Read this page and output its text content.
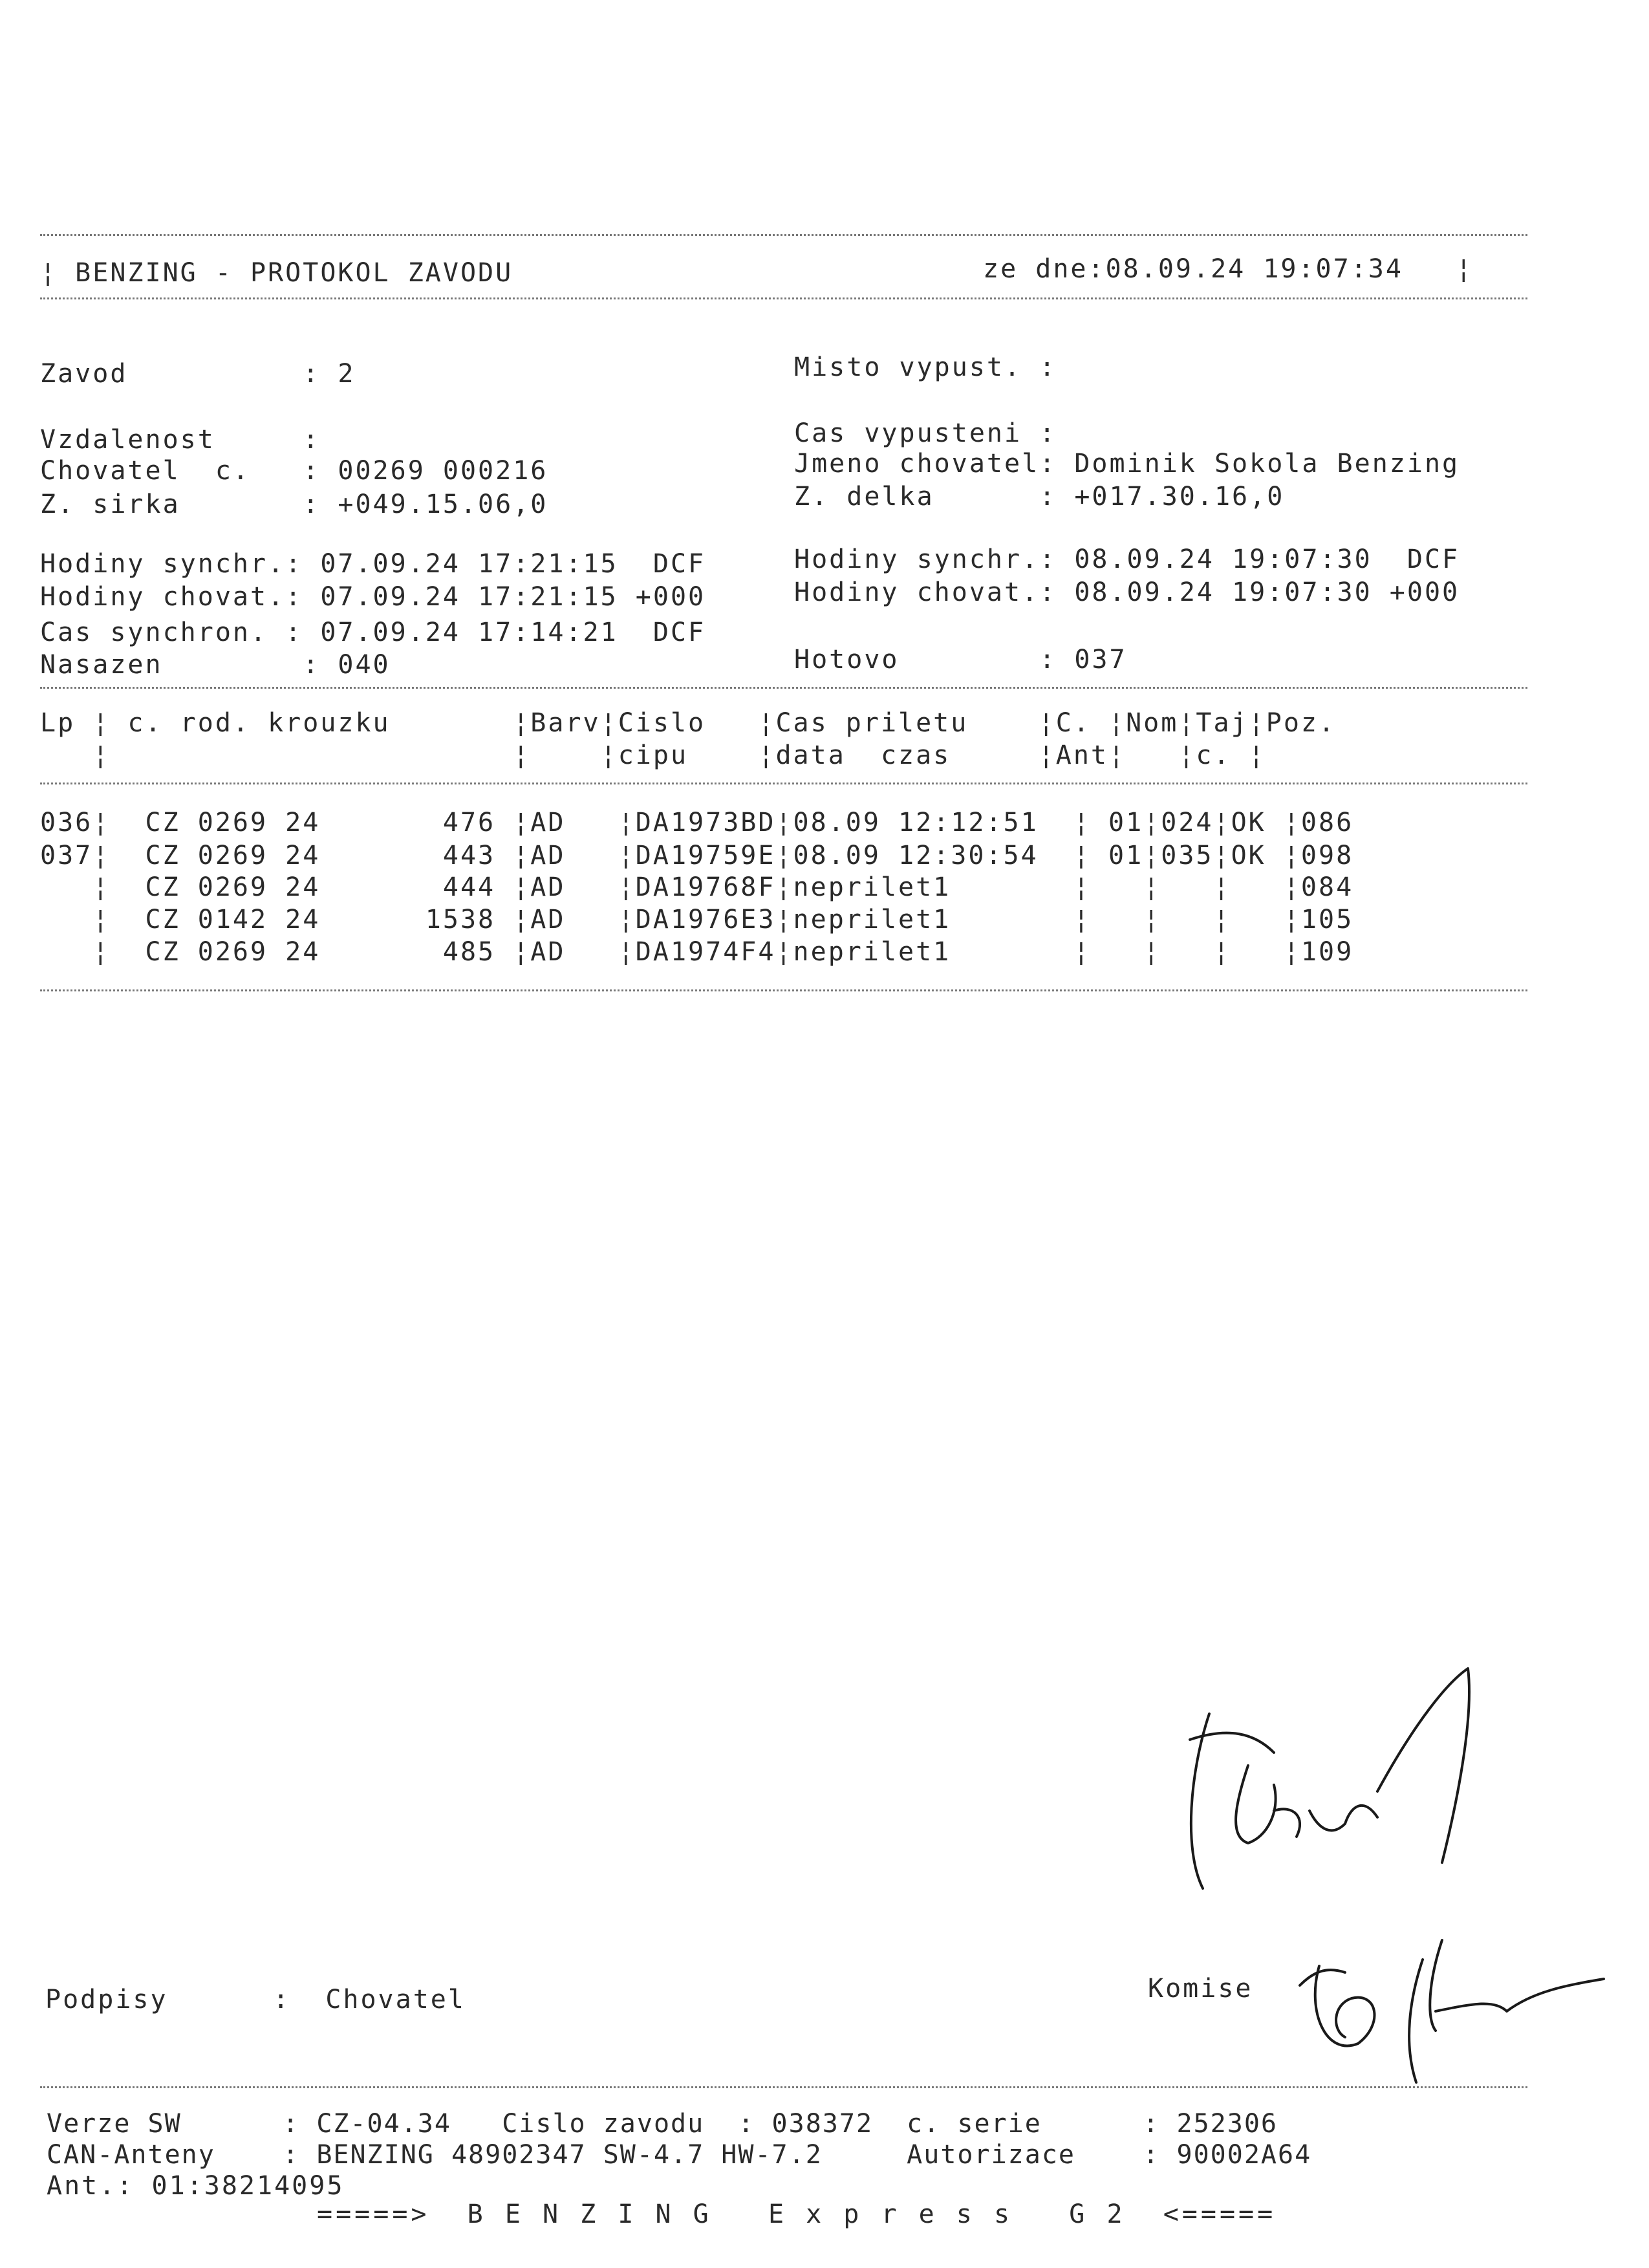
¦ BENZING - PROTOKOL ZAVODU	ze dne:08.09.24 19:07:34   ¦
Zavod          : 2	Misto vypust. :
Vzdalenost     :	Cas vypusteni :
Chovatel  c.   : 00269 000216	Jmeno chovatel: Dominik Sokola Benzing
Z. sirka       : +049.15.06,0	Z. delka      : +017.30.16,0
Hodiny synchr.: 07.09.24 17:21:15  DCF	Hodiny synchr.: 08.09.24 19:07:30  DCF
Hodiny chovat.: 07.09.24 17:21:15 +000	Hodiny chovat.: 08.09.24 19:07:30 +000
Cas synchron. : 07.09.24 17:14:21  DCF
Nasazen        : 040	Hotovo        : 037
Lp ¦ c. rod. krouzku       ¦Barv¦Cislo   ¦Cas priletu    ¦C. ¦Nom¦Taj¦Poz.
¦                       ¦    ¦cipu    ¦data  czas     ¦Ant¦   ¦c. ¦
036¦  CZ 0269 24       476 ¦AD   ¦DA1973BD¦08.09 12:12:51  ¦ 01¦024¦OK ¦086
037¦  CZ 0269 24       443 ¦AD   ¦DA19759E¦08.09 12:30:54  ¦ 01¦035¦OK ¦098
¦  CZ 0269 24       444 ¦AD   ¦DA19768F¦neprilet1       ¦   ¦   ¦   ¦084
¦  CZ 0142 24      1538 ¦AD   ¦DA1976E3¦neprilet1       ¦   ¦   ¦   ¦105
¦  CZ 0269 24       485 ¦AD   ¦DA1974F4¦neprilet1       ¦   ¦   ¦   ¦109
Podpisy      :  Chovatel	Komise
Verze SW      : CZ-04.34   Cislo zavodu  : 038372  c. serie      : 252306
CAN-Anteny    : BENZING 48902347 SW-4.7 HW-7.2     Autorizace    : 90002A64
Ant.: 01:38214095
=====>  B E N Z I N G   E x p r e s s   G 2  <=====
